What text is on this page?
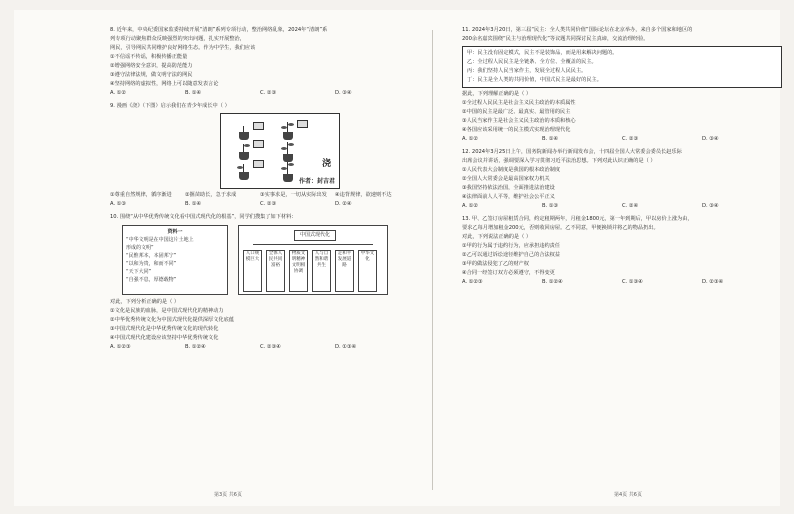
8. 近年来，中央纪委国家监委持续开展“清朗”系列专项行动，整治网络乱象，2024年“清朗”系

列专项行动聚焦群众反映强烈的突出问题，扎实开展整治，

网民，引导网民共同维护良好网络生态。作为中学生，我们应该

①不信谣不传谣，积极传播正能量

②增强网络安全意识，提高防范能力

③遵守法律法规，做文明守法的网民

④坚持网络的虚拟性，网络上可以随意发表言论

A. ①②	B. ①④	C. ②③	D. ③④

9. 漫画《浇》（下图）启示我们在青少年成长中（ ）

浇
作者：封吉君
①尊重自然规律，循序渐进	②揠苗助长，急于求成	③实事求是，一切从实际出发	④违背规律，欲速则不达
A. ①③	B. ①④	C. ②③	D. ②④

10. 围绕“从中华优秀传统文化看中国式现代化的根基”，同学们搜集了如下材料：

资料一
“中华文明是在中国这片土地上
形成的文明”
“民惟邦本，本固邦宁”
“以和为贵，和而不同”
“天下大同”
“自强不息，厚德载物”
中国式现代化
人口规模巨大
全体人民共同富裕
物质文明精神文明相协调
人与自然和谐共生
走和平发展道路
中华文化

对此，下列分析正确的是（ ）

①文化是民族的血脉，是中国式现代化的精神动力

②中华优秀传统文化为中国式现代化提供深厚文化底蕴

③中国式现代化是中华优秀传统文化的现代转化

④中国式现代化建设应该坚持中华优秀传统文化

A. ①②③	B. ①②④	C. ②③④	D. ①③④

11. 2024年3月20日，第三届“民主：全人类共同价值”国际论坛在北京举办，来自多个国家和地区的

200余名嘉宾围绕“民主与治理现代化”等议题共同探讨民主真谛，交流治理经验。

甲：民主没有固定模式，民主不是装饰品，而是用来解决问题的。

乙：全过程人民民主是全链条、全方位、全覆盖的民主。

丙：我们坚持人民当家作主，发展全过程人民民主。

丁：民主是全人类的共同价值，中国式民主是最好的民主。

据此，下列理解正确的是（ ）

①全过程人民民主是社会主义民主政治的本质属性

②中国的民主是最广泛、最真实、最管用的民主

③人民当家作主是社会主义民主政治的本质和核心

④各国应该采用统一的民主模式实现治理现代化

A. ①②	B. ①④	C. ②③	D. ③④

12. 2024年3月25日上午，国务院新闻办举行新闻发布会，十四届全国人大常委会委员长赵乐际

出席会议并讲话，强调要深入学习贯彻习近平法治思想。下列对此认识正确的是（ ）

①人民代表大会制度是我国的根本政治制度

②全国人大常委会是最高国家权力机关

③我国坚持依法治国，全面推进法治建设

④法律面前人人平等，维护社会公平正义

A. ①②	B. ①③	C. ②④	D. ③④

13. 甲、乙签订房屋租赁合同，约定租期两年，月租金1800元，第一年到期后，甲以房价上涨为由，

要求乙每月增加租金200元，否则收回房屋。乙不同意，甲便换锁并将乙的物品扔出。

对此，下列说法正确的是（ ）

①甲的行为属于违约行为，应承担违约责任

②乙可以通过诉讼途径维护自己的合法权益

③甲的做法侵犯了乙的财产权

④合同一经签订双方必须遵守，不得变更

A. ①②③	B. ①②④	C. ①③④	D. ②③④
第3页 共6页	第4页 共6页
